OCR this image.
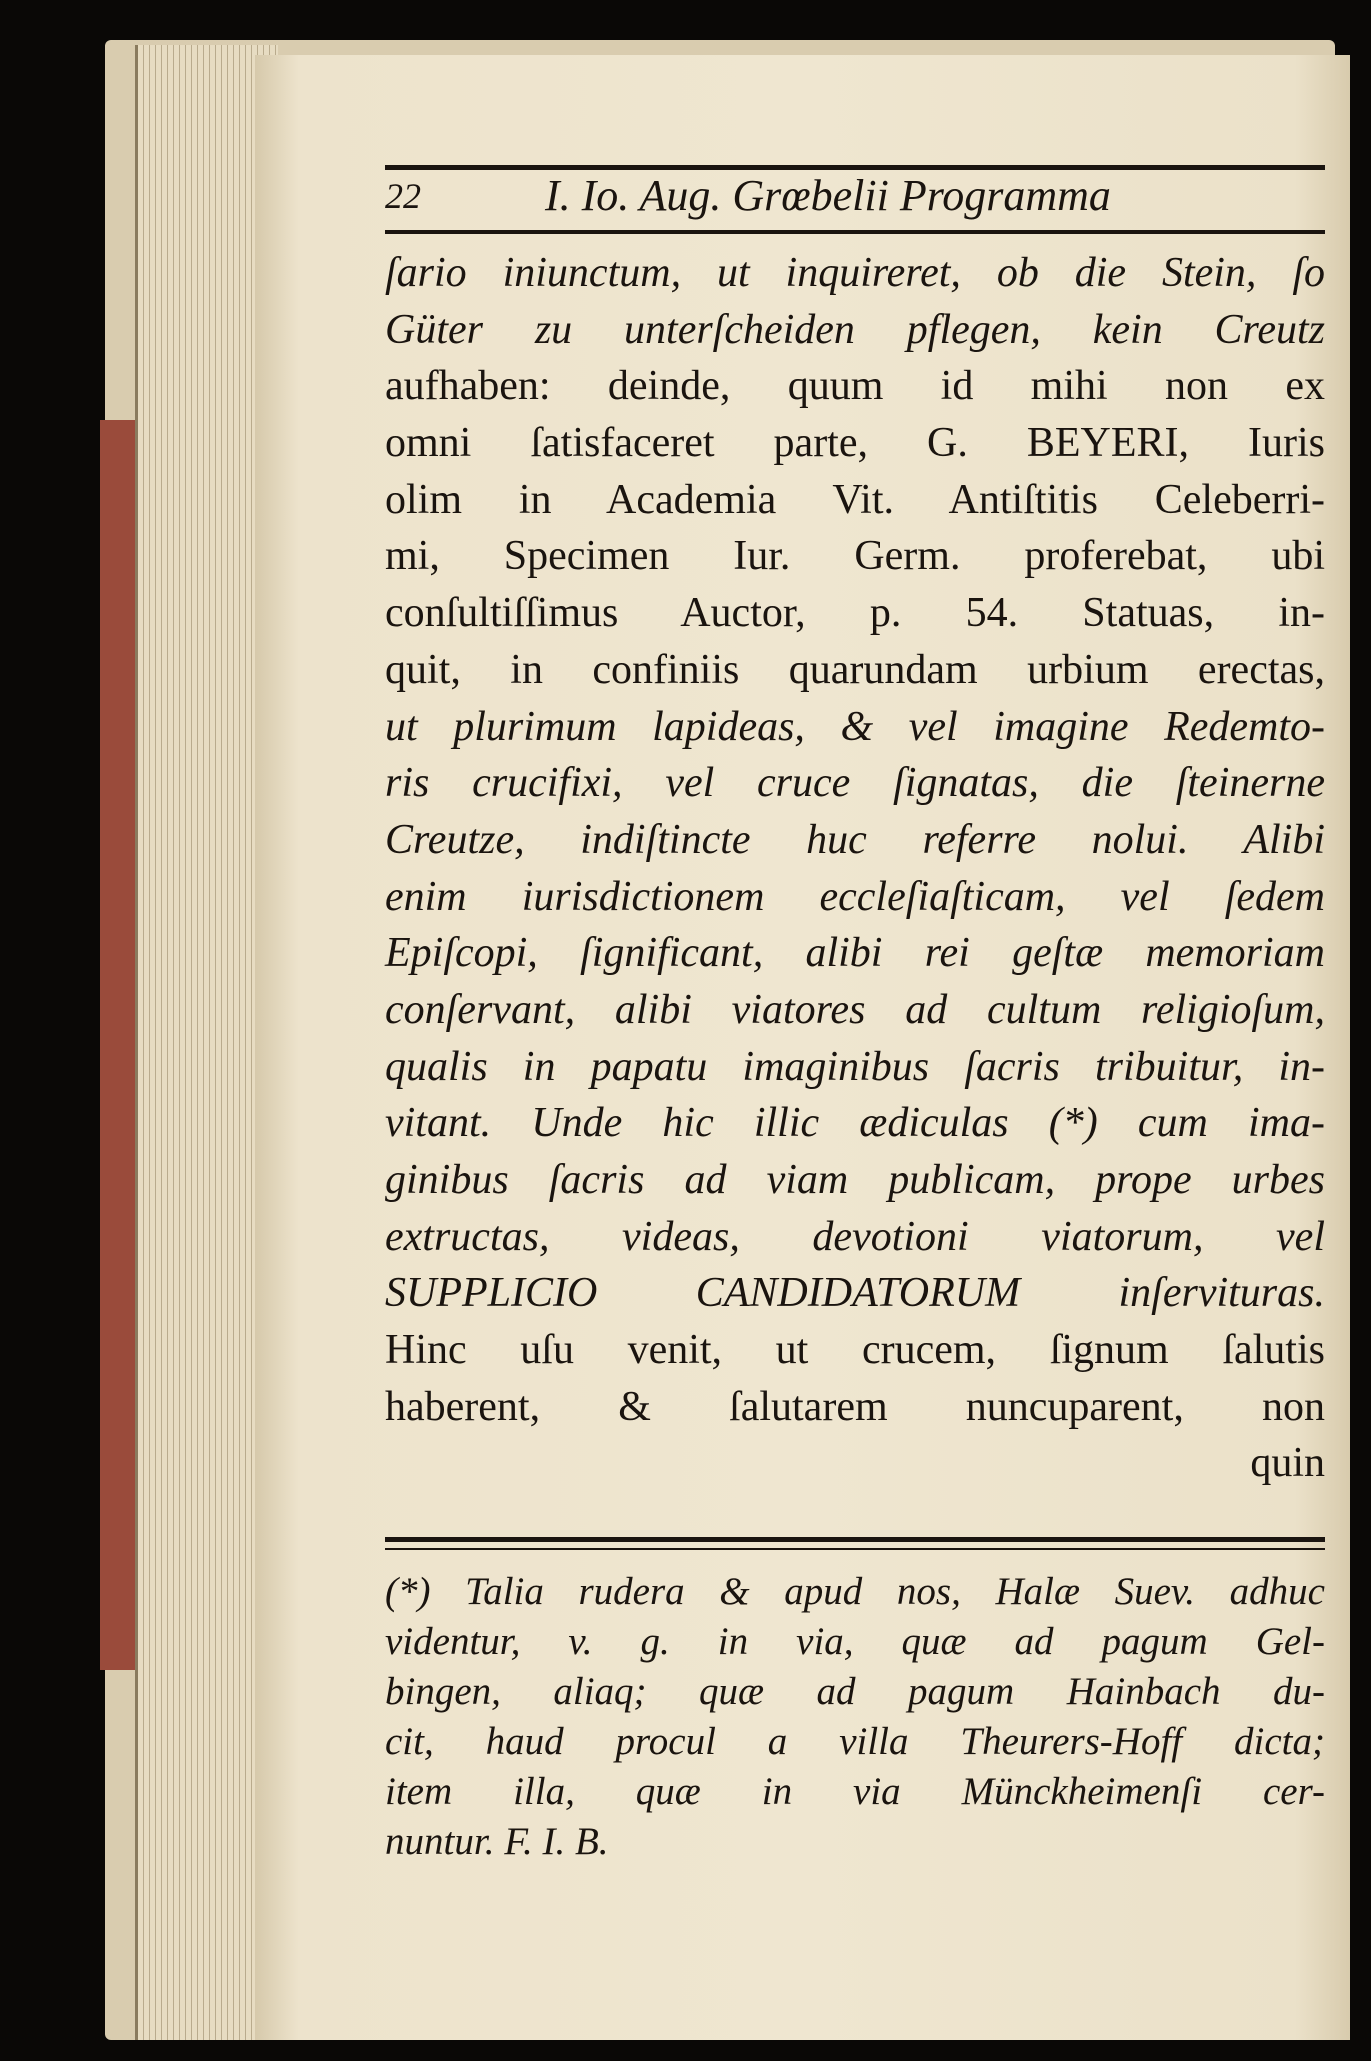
22	I. Io. Aug. Grœbelii Programma
ſario iniunctum, ut inquireret, ob die Stein, ſo
Güter zu unterſcheiden pflegen, kein Creutz
aufhaben: deinde, quum id mihi non ex
omni ſatisfaceret parte, G. BEYERI, Iuris
olim in Academia Vit. Antiſtitis Celeberri-
mi, Specimen Iur. Germ. proferebat, ubi
conſultiſſimus Auctor, p. 54. Statuas, in-
quit, in confiniis quarundam urbium erectas,
ut plurimum lapideas, & vel imagine Redemto-
ris crucifixi, vel cruce ſignatas, die ſteinerne
Creutze, indiſtincte huc referre nolui. Alibi
enim iurisdictionem eccleſiaſticam, vel ſedem
Epiſcopi, ſignificant, alibi rei geſtæ memoriam
conſervant, alibi viatores ad cultum religioſum,
qualis in papatu imaginibus ſacris tribuitur, in-
vitant. Unde hic illic ædiculas (*) cum ima-
ginibus ſacris ad viam publicam, prope urbes
extructas, videas, devotioni viatorum, vel
SUPPLICIO CANDIDATORUM inſervituras.
Hinc uſu venit, ut crucem, ſignum ſalutis
haberent, & ſalutarem nuncuparent, non
quin
(*) Talia rudera & apud nos, Halæ Suev. adhuc
videntur, v. g. in via, quæ ad pagum Gel-
bingen, aliaq; quæ ad pagum Hainbach du-
cit, haud procul a villa Theurers-Hoff dicta;
item illa, quæ in via Münckheimenſi cer-
nuntur. F. I. B.
